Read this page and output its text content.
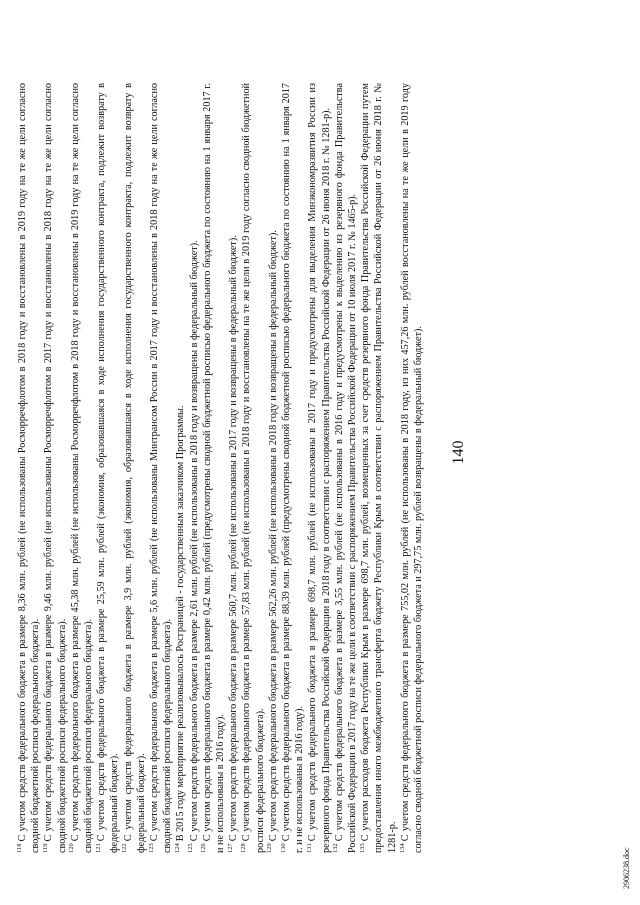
140

$^{118}$С учетом средств федерального бюджета в размере 8,36 млн. рублей (не использованы Росморречфлотом в 2018 году и восстановлены в 2019 году на те же цели согласно сводной бюджетной росписи федерального бюджета). $^{119}$С учетом средств федерального бюджета в размере 9,46 млн. рублей (не использованы Росморречфлотом в 2017 году и восстановлены в 2018 году на те же цели согласно сводной бюджетной росписи федерального бюджета). $^{120}$С учетом средств федерального бюджета в размере 45,38 млн. рублей (не использованы Росморречфлотом в 2018 году и восстановлены в 2019 году на те же цели согласно сводной бюджетной росписи федерального бюджета). $^{121}$С учетом средств федерального бюджета в размере 25,59 млн. рублей (экономия, образовавшаяся в ходе исполнения государственного контракта, подлежит возврату в федеральный бюджет). $^{122}$С учетом средств федерального бюджета в размере 3,9 млн. рублей (экономия, образовавшаяся в ходе исполнения государственного контракта, подлежит возврату в федеральный бюджет). $^{123}$С учетом средств федерального бюджета в размере 5,6 млн. рублей (не использованы Минтрансом России в 2017 году и восстановлены в 2018 году на те же цели согласно сводной бюджетной росписи федерального бюджета). $^{124}$В 2015 году мероприятие реализовывалось Росграницей - государственным заказчиком Программы.

$^{125}$С учетом средств федерального бюджета в размере 2,61 млн. рублей (не использованы в 2018 году и возвращены в федеральный бюджет).

$^{126}$С учетом средств федерального бюджета в размере 0,42 млн. рублей (предусмотрены сводной бюджетной росписью федерального бюджета по состоянию на 1 января 2017 г. и не использованы в 2016 году). $^{127}$С учетом средств федерального бюджета в размере 560,7 млн. рублей (не использованы в 2017 году и возвращены в федеральный бюджет).

$^{128}$С учетом средств федерального бюджета в размере 57,83 млн. рублей (не использованы в 2018 году и восстановлены на те же цели в 2019 году согласно сводной бюджетной росписи федерального бюджета). $^{129}$С учетом средств федерального бюджета в размере 562,26 млн. рублей (не использованы в 2018 году и возвращены в федеральный бюджет).

$^{130}$С учетом средств федерального бюджета в размере 88,39 млн. рублей (предусмотрены сводной бюджетной росписью федерального бюджета по состоянию на 1 января 2017 г. и не использованы в 2016 году). $^{131}$С учетом средств федерального бюджета в размере 698,7 млн. рублей (не использованы в 2017 году и предусмотрены для выделения Минэкономразвития России из резервного фонда Правительства Российской Федерации в 2018 году в соответствии с распоряжением Правительства Российской Федерации от 26 июня 2018 г. № 1281-р). $^{132}$С учетом средств федерального бюджета в размере 3,55 млн. рублей (не использованы в 2016 году и предусмотрены к выделению из резервного фонда Правительства Российской Федерации в 2017 году на те же цели в соответствии с распоряжением Правительства Российской Федерации от 10 июля 2017 г. № 1465-р). $^{133}$С учетом расходов бюджета Республики Крым в размере 698,7 млн. рублей, возмещенных за счет средств резервного фонда Правительства Российской Федерации путем предоставления иного межбюджетного трансферта бюджету Республики Крым в соответствии с распоряжением Правительства Российской Федерации от 26 июня 2018 г. № 1281-р. $^{134}$С учетом средств федерального бюджета в размере 755,02 млн. рублей (не использованы в 2018 году, из них 457,26 млн. рублей восстановлены на те же цели в 2019 году согласно сводной бюджетной росписи федерального бюджета и 297,75 млн. рублей возвращены в федеральный бюджет).

2906238.doc
